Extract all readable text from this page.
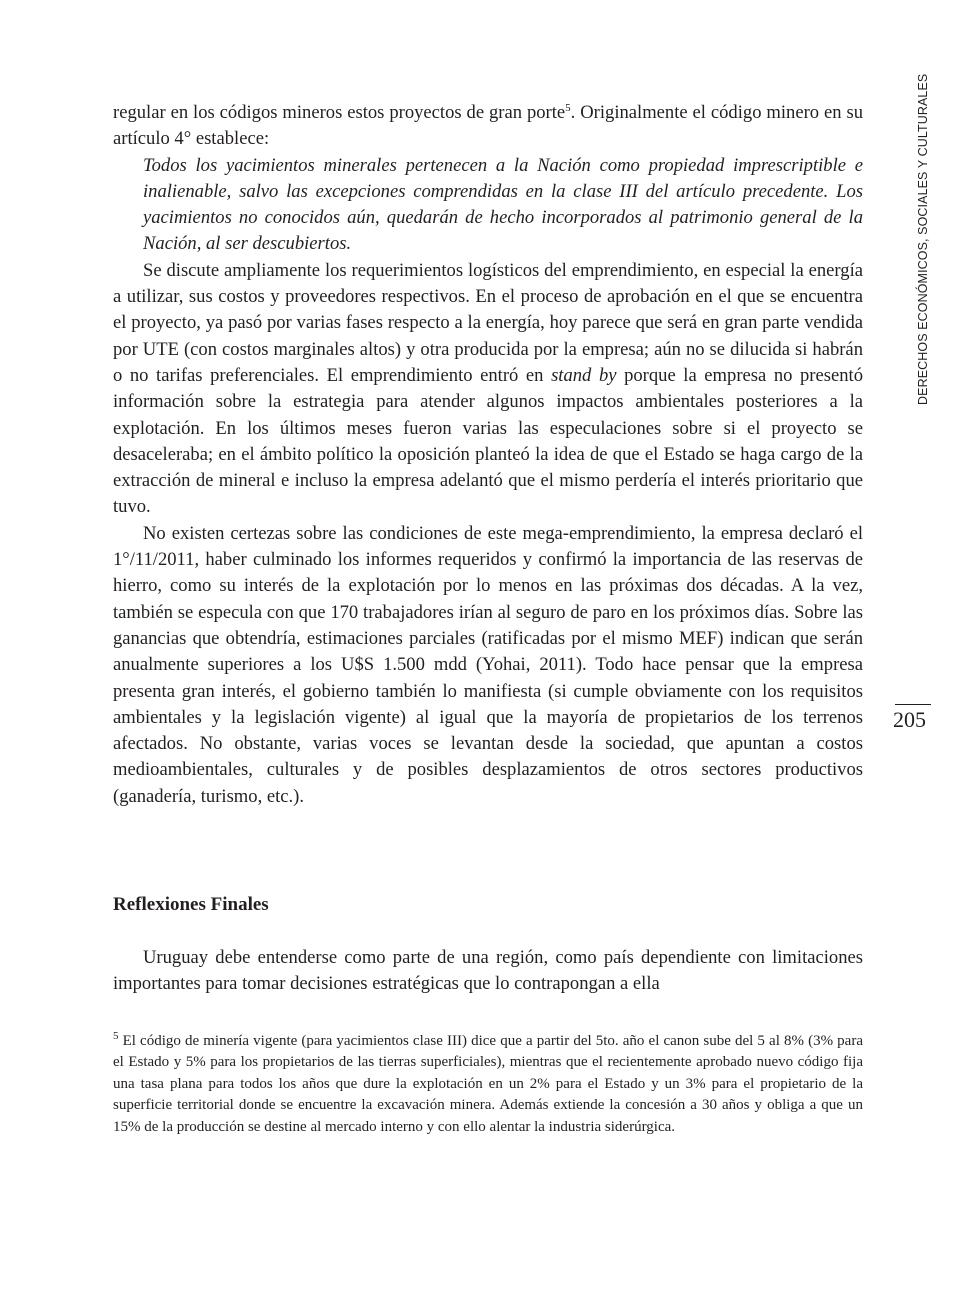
regular en los códigos mineros estos proyectos de gran porte$^5$. Originalmente el código minero en su artículo 4° establece:

Todos los yacimientos minerales pertenecen a la Nación como propiedad imprescriptible e inalienable, salvo las excepciones comprendidas en la clase III del artículo precedente. Los yacimientos no conocidos aún, quedarán de hecho incorporados al patrimonio general de la Nación, al ser descubiertos.

Se discute ampliamente los requerimientos logísticos del emprendimiento, en especial la energía a utilizar, sus costos y proveedores respectivos. En el proceso de aprobación en el que se encuentra el proyecto, ya pasó por varias fases respecto a la energía, hoy parece que será en gran parte vendida por UTE (con costos marginales altos) y otra producida por la empresa; aún no se dilucida si habrán o no tarifas preferenciales. El emprendimiento entró en stand by porque la empresa no presentó información sobre la estrategia para atender algunos impactos ambientales posteriores a la explotación. En los últimos meses fueron varias las especulaciones sobre si el proyecto se desaceleraba; en el ámbito político la oposición planteó la idea de que el Estado se haga cargo de la extracción de mineral e incluso la empresa adelantó que el mismo perdería el interés prioritario que tuvo.

No existen certezas sobre las condiciones de este mega-emprendimiento, la empresa declaró el 1°/11/2011, haber culminado los informes requeridos y confirmó la importancia de las reservas de hierro, como su interés de la explotación por lo menos en las próximas dos décadas. A la vez, también se especula con que 170 trabajadores irían al seguro de paro en los próximos días. Sobre las ganancias que obtendría, estimaciones parciales (ratificadas por el mismo MEF) indican que serán anualmente superiores a los U$S 1.500 mdd (Yohai, 2011). Todo hace pensar que la empresa presenta gran interés, el gobierno también lo manifiesta (si cumple obviamente con los requisitos ambientales y la legislación vigente) al igual que la mayoría de propietarios de los terrenos afectados. No obstante, varias voces se levantan desde la sociedad, que apuntan a costos medioambientales, culturales y de posibles desplazamientos de otros sectores productivos (ganadería, turismo, etc.).

Reflexiones Finales

Uruguay debe entenderse como parte de una región, como país dependiente con limitaciones importantes para tomar decisiones estratégicas que lo contrapongan a ella

$^5$ El código de minería vigente (para yacimientos clase III) dice que a partir del 5to. año el canon sube del 5 al 8% (3% para el Estado y 5% para los propietarios de las tierras superficiales), mientras que el recientemente aprobado nuevo código fija una tasa plana para todos los años que dure la explotación en un 2% para el Estado y un 3% para el propietario de la superficie territorial donde se encuentre la excavación minera. Además extiende la concesión a 30 años y obliga a que un 15% de la producción se destine al mercado interno y con ello alentar la industria siderúrgica.

DERECHOS ECONÓMICOS, SOCIALES Y CULTURALES
205
